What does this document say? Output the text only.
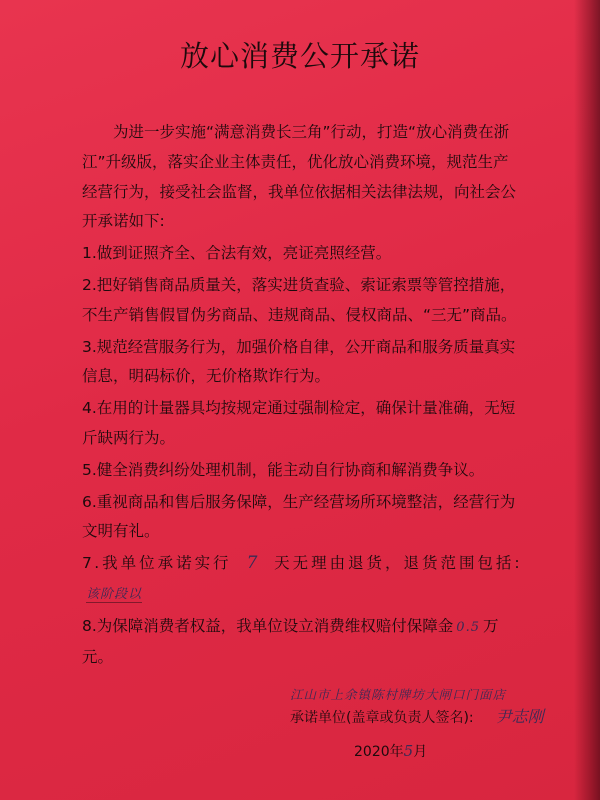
放心消费公开承诺

为进一步实施“满意消费长三角”行动，打造“放心消费在浙江”升级版，落实企业主体责任，优化放心消费环境，规范生产经营行为，接受社会监督，我单位依据相关法律法规，向社会公开承诺如下:

1.做到证照齐全、合法有效，亮证亮照经营。

2.把好销售商品质量关，落实进货查验、索证索票等管控措施，不生产销售假冒伪劣商品、违规商品、侵权商品、“三无”商品。

3.规范经营服务行为，加强价格自律，公开商品和服务质量真实信息，明码标价，无价格欺诈行为。

4.在用的计量器具均按规定通过强制检定，确保计量准确，无短斤缺两行为。

5.健全消费纠纷处理机制，能主动自行协商和解消费争议。

6.重视商品和售后服务保障，生产经营场所环境整洁，经营行为文明有礼。

7.我单位承诺实行 7 天无理由退货，退货范围包括:该阶段以

8.为保障消费者权益，我单位设立消费维权赔付保障金 0.5 万元。

江山市上余镇陈村牌坊大闸口门面店
承诺单位(盖章或负责人签名): 尹志刚
2020年5月
